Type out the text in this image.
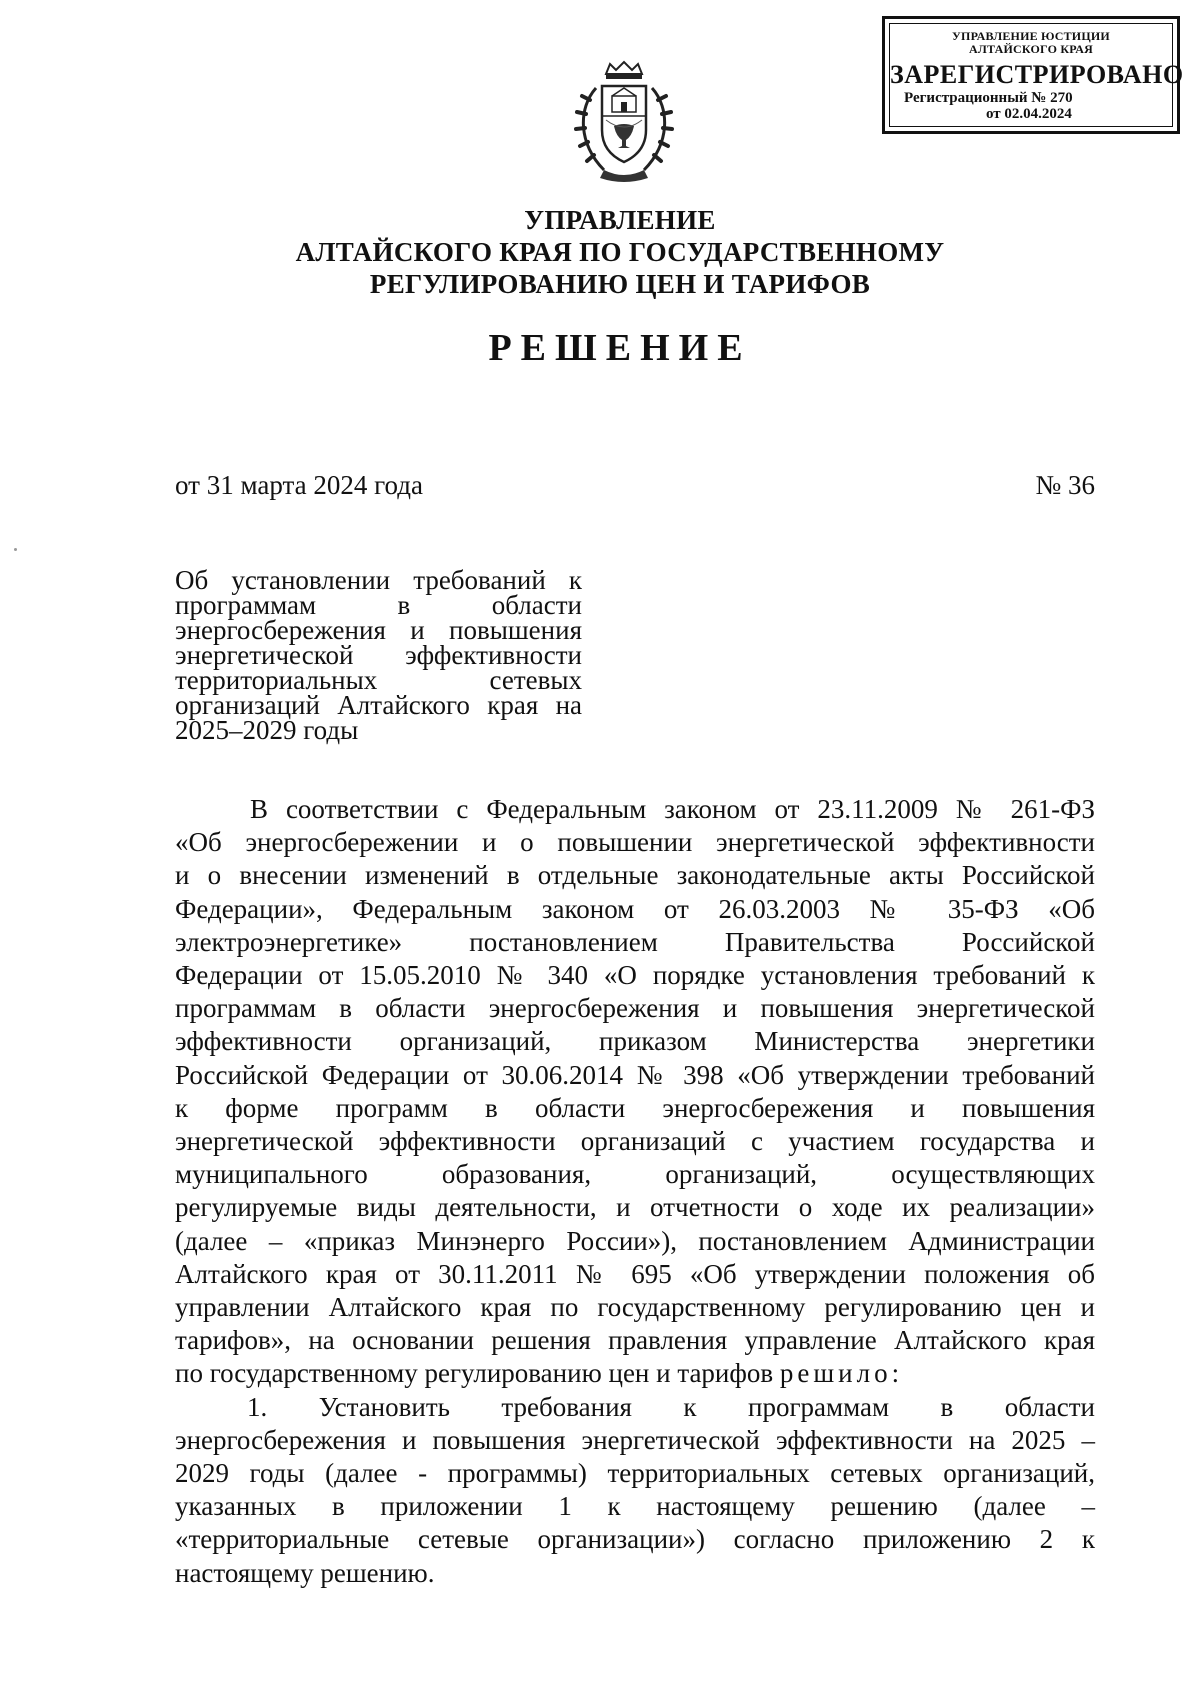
УПРАВЛЕНИЕ ЮСТИЦИИ
АЛТАЙСКОГО КРАЯ
ЗАРЕГИСТРИРОВАНО
Регистрационный № 270
от 02.04.2024
УПРАВЛЕНИЕ
АЛТАЙСКОГО КРАЯ ПО ГОСУДАРСТВЕННОМУ
РЕГУЛИРОВАНИЮ ЦЕН И ТАРИФОВ
РЕШЕНИЕ
от 31 марта 2024 года	№ 36
Об установлении требований к
программам в области
энергосбережения и повышения
энергетической эффективности
территориальных сетевых
организаций Алтайского края на
2025–2029 годы
В соответствии с Федеральным законом от 23.11.2009 № 261-ФЗ
«Об энергосбережении и о повышении энергетической эффективности
и о внесении изменений в отдельные законодательные акты Российской
Федерации», Федеральным законом от 26.03.2003 № 35-ФЗ «Об
электроэнергетике» постановлением Правительства Российской
Федерации от 15.05.2010 № 340 «О порядке установления требований к
программам в области энергосбережения и повышения энергетической
эффективности организаций, приказом Министерства энергетики
Российской Федерации от 30.06.2014 № 398 «Об утверждении требований
к форме программ в области энергосбережения и повышения
энергетической эффективности организаций с участием государства и
муниципального образования, организаций, осуществляющих
регулируемые виды деятельности, и отчетности о ходе их реализации»
(далее – «приказ Минэнерго России»), постановлением Администрации
Алтайского края от 30.11.2011 № 695 «Об утверждении положения об
управлении Алтайского края по государственному регулированию цен и
тарифов», на основании решения правления управление Алтайского края
по государственному регулированию цен и тарифов решило:
1. Установить требования к программам в области
энергосбережения и повышения энергетической эффективности на 2025 –
2029 годы (далее - программы) территориальных сетевых организаций,
указанных в приложении 1 к настоящему решению (далее –
«территориальные сетевые организации») согласно приложению 2 к
настоящему решению.
